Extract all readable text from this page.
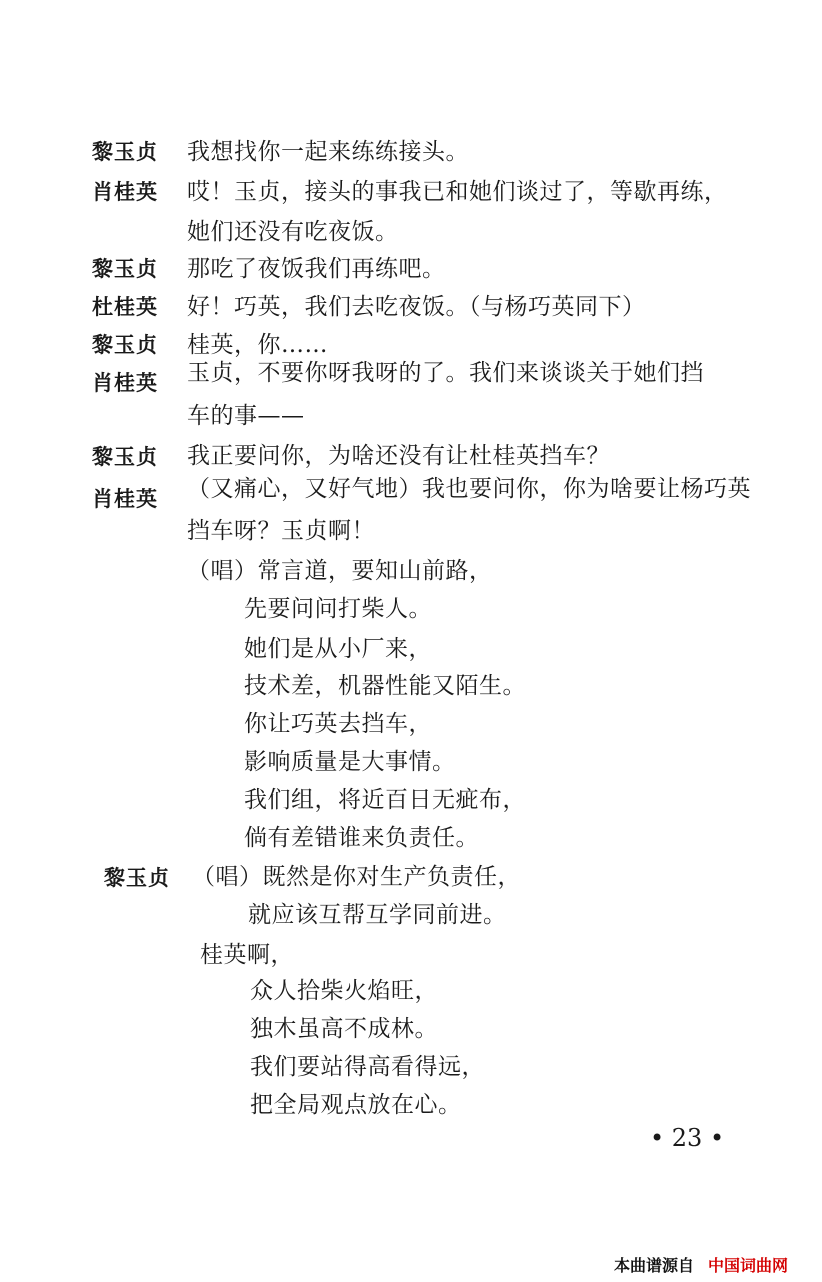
黎玉贞 我想找你一起来练练接头。
肖桂英 哎！玉贞，接头的事我已和她们谈过了，等歇再练，
她们还没有吃夜饭。
黎玉贞 那吃了夜饭我们再练吧。
杜桂英 好！巧英，我们去吃夜饭。（与杨巧英同下）
黎玉贞 桂英，你……
肖桂英 玉贞，不要你呀我呀的了。我们来谈谈关于她们挡
车的事——
黎玉贞 我正要问你，为啥还没有让杜桂英挡车？
肖桂英 （又痛心，又好气地）我也要问你，你为啥要让杨巧英
挡车呀？玉贞啊！
（唱）常言道，要知山前路，
先要问问打柴人。
她们是从小厂来，
技术差，机器性能又陌生。
你让巧英去挡车，
影响质量是大事情。
我们组，将近百日无疵布，
倘有差错谁来负责任。
黎玉贞 （唱）既然是你对生产负责任，
就应该互帮互学同前进。
桂英啊，
众人拾柴火焰旺，
独木虽高不成林。
我们要站得高看得远，
把全局观点放在心。
• 23 •
本曲谱源自 中国词曲网
